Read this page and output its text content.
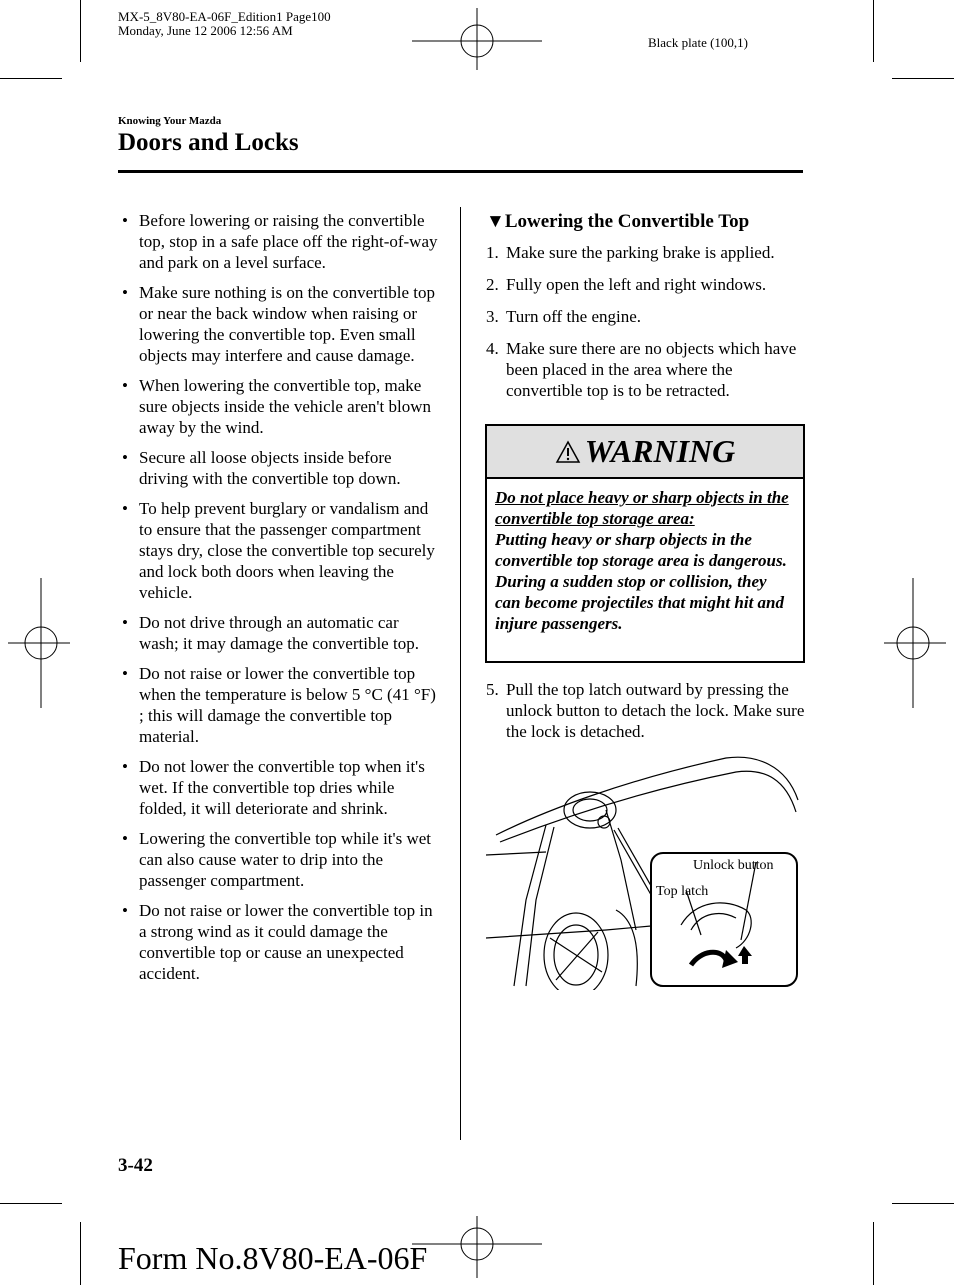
MX-5_8V80-EA-06F_Edition1 Page100
Monday, June 12 2006 12:56 AM
Black plate (100,1)
Knowing Your Mazda
Doors and Locks
• Before lowering or raising the convertible top, stop in a safe place off the right-of-way and park on a level surface.
• Make sure nothing is on the convertible top or near the back window when raising or lowering the convertible top. Even small objects may interfere and cause damage.
• When lowering the convertible top, make sure objects inside the vehicle aren't blown away by the wind.
• Secure all loose objects inside before driving with the convertible top down.
• To help prevent burglary or vandalism and to ensure that the passenger compartment stays dry, close the convertible top securely and lock both doors when leaving the vehicle.
• Do not drive through an automatic car wash; it may damage the convertible top.
• Do not raise or lower the convertible top when the temperature is below 5 °C (41 °F) ; this will damage the convertible top material.
• Do not lower the convertible top when it's wet. If the convertible top dries while folded, it will deteriorate and shrink.
• Lowering the convertible top while it's wet can also cause water to drip into the passenger compartment.
• Do not raise or lower the convertible top in a strong wind as it could damage the convertible top or cause an unexpected accident.
▼Lowering the Convertible Top
1. Make sure the parking brake is applied.
2. Fully open the left and right windows.
3. Turn off the engine.
4. Make sure there are no objects which have been placed in the area where the convertible top is to be retracted.
WARNING
Do not place heavy or sharp objects in the convertible top storage area:
Putting heavy or sharp objects in the convertible top storage area is dangerous.
During a sudden stop or collision, they can become projectiles that might hit and injure passengers.
5. Pull the top latch outward by pressing the unlock button to detach the lock. Make sure the lock is detached.
Unlock button
Top latch
3-42
Form No.8V80-EA-06F
